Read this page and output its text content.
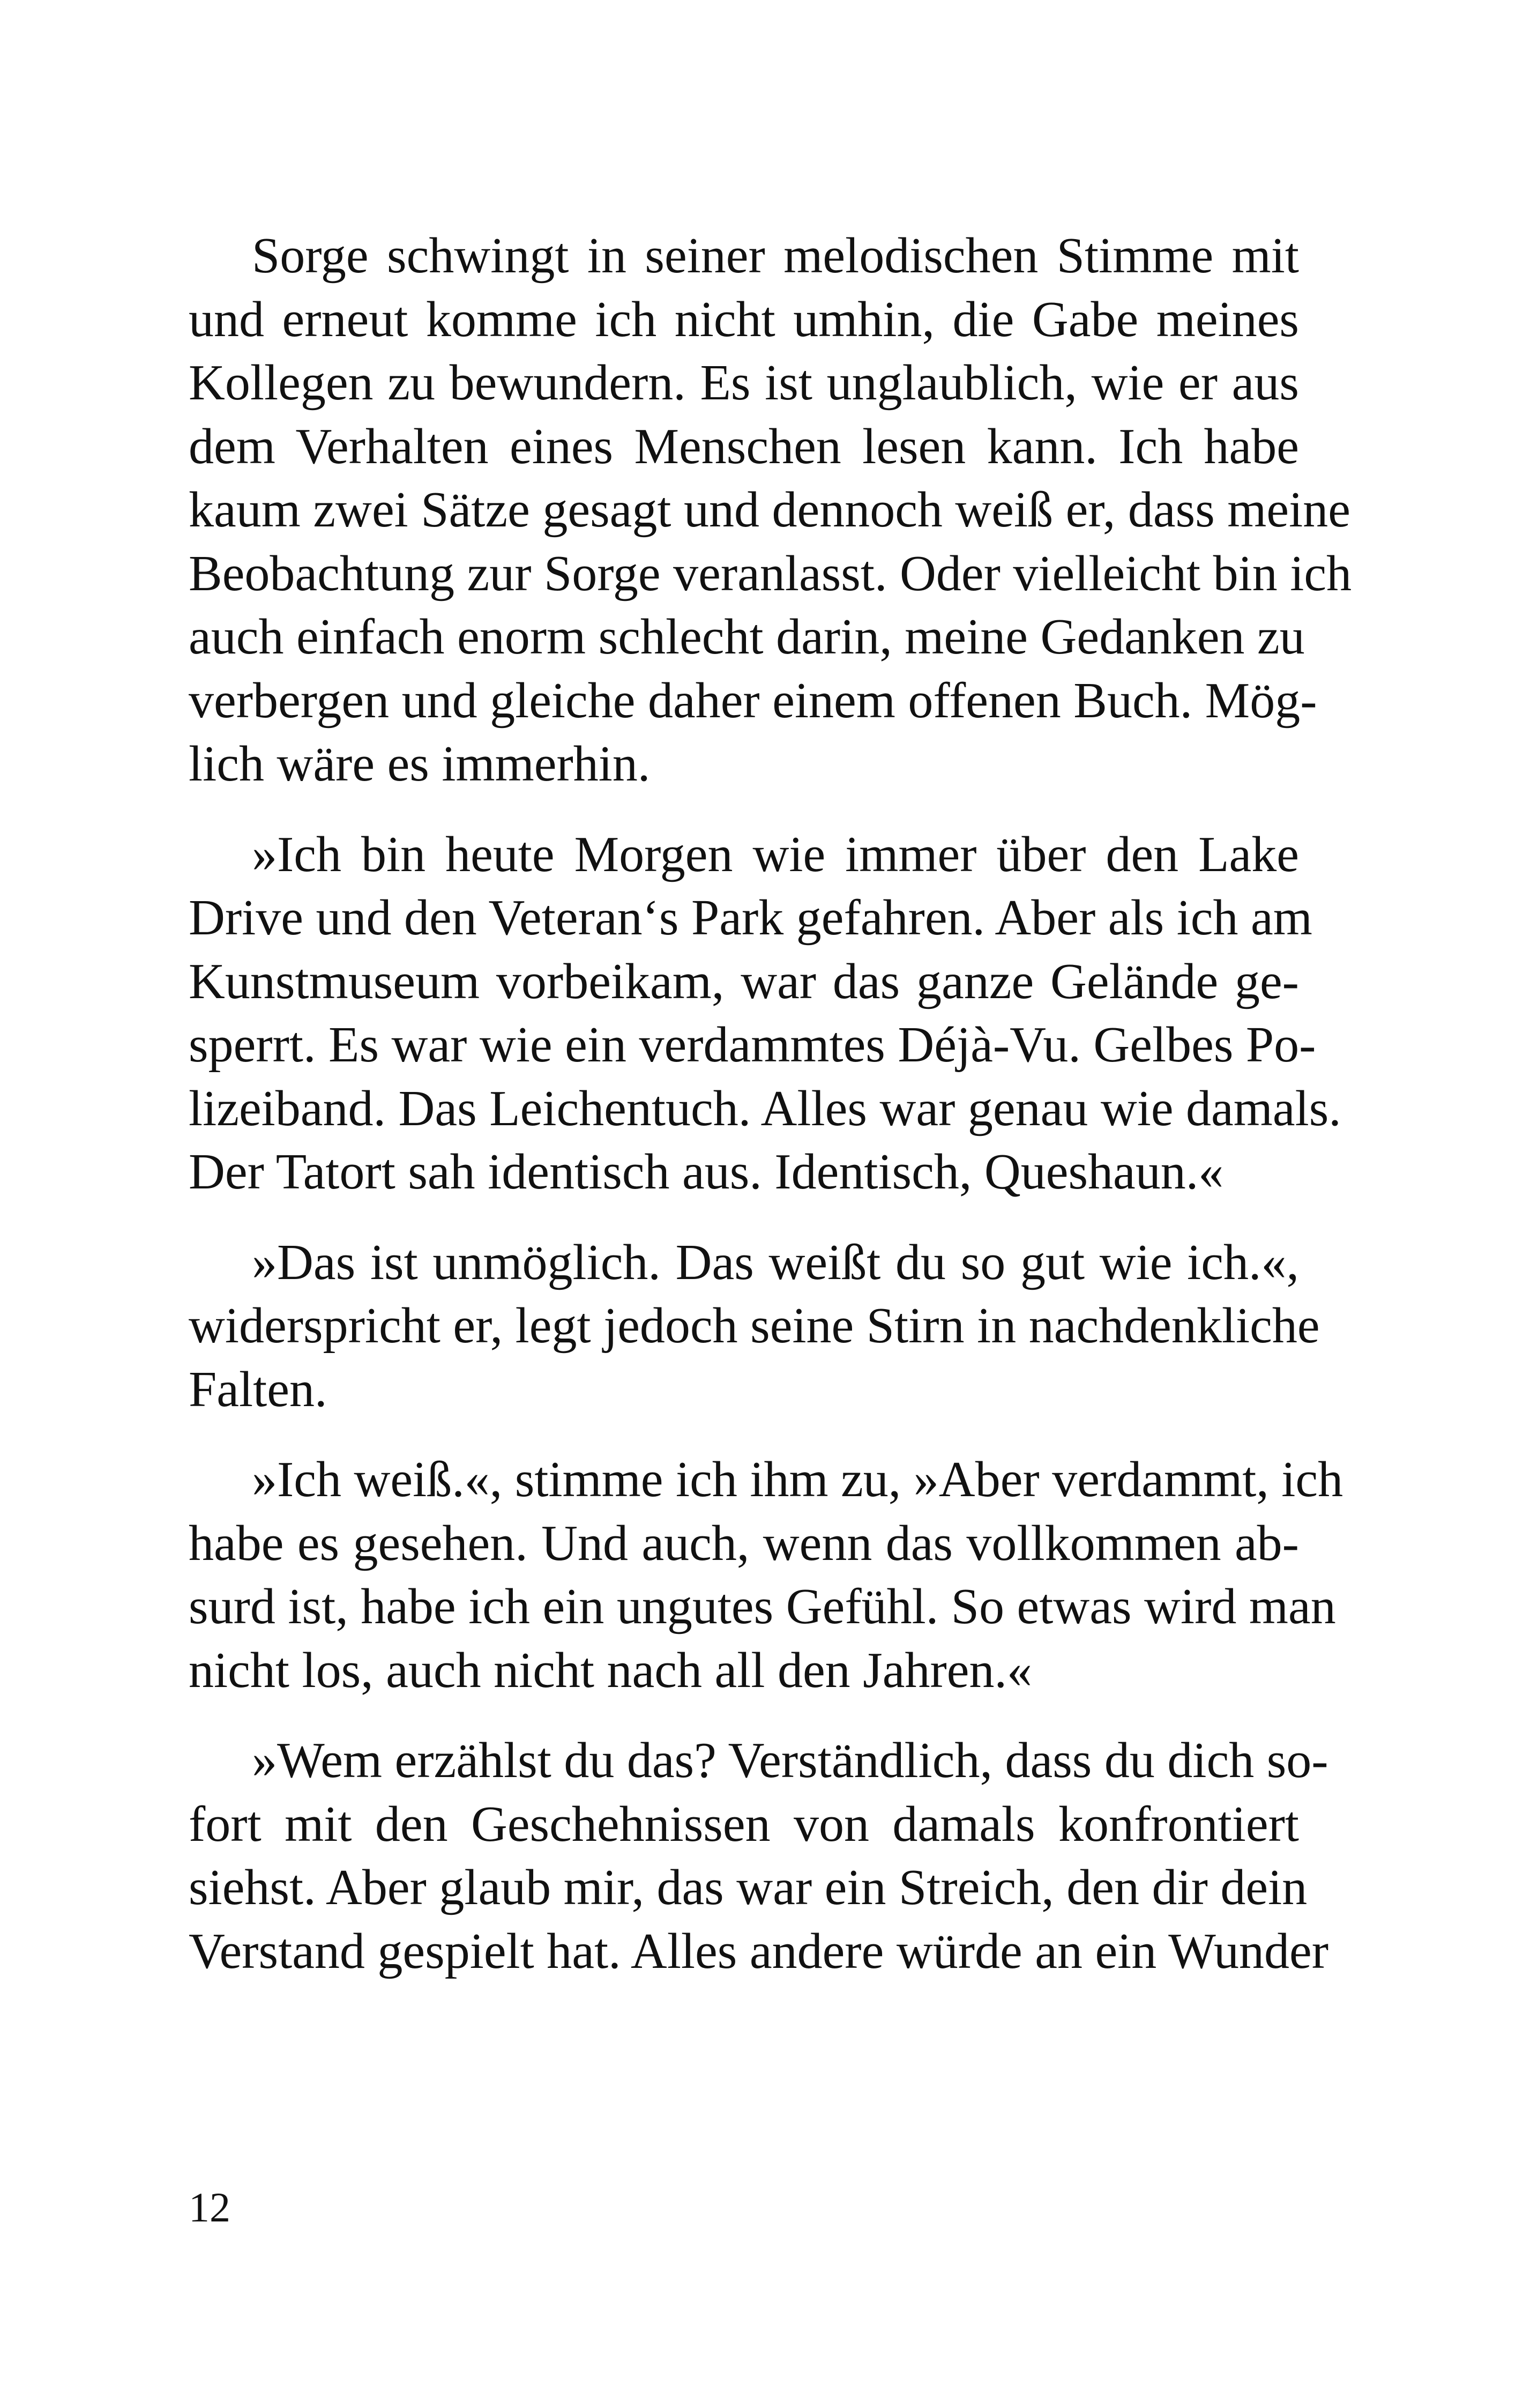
Sorge schwingt in seiner melodischen Stimme mit
und erneut komme ich nicht umhin, die Gabe meines
Kollegen zu bewundern. Es ist unglaublich, wie er aus
dem Verhalten eines Menschen lesen kann. Ich habe
kaum zwei Sätze gesagt und dennoch weiß er, dass meine
Beobachtung zur Sorge veranlasst. Oder vielleicht bin ich
auch einfach enorm schlecht darin, meine Gedanken zu
verbergen und gleiche daher einem offenen Buch. Mög-
lich wäre es immerhin.
»Ich bin heute Morgen wie immer über den Lake
Drive und den Veteran‘s Park gefahren. Aber als ich am
Kunstmuseum vorbeikam, war das ganze Gelände ge-
sperrt. Es war wie ein verdammtes Déjà-Vu. Gelbes Po-
lizeiband. Das Leichentuch. Alles war genau wie damals.
Der Tatort sah identisch aus. Identisch, Queshaun.«
»Das ist unmöglich. Das weißt du so gut wie ich.«,
widerspricht er, legt jedoch seine Stirn in nachdenkliche
Falten.
»Ich weiß.«, stimme ich ihm zu, »Aber verdammt, ich
habe es gesehen. Und auch, wenn das vollkommen ab-
surd ist, habe ich ein ungutes Gefühl. So etwas wird man
nicht los, auch nicht nach all den Jahren.«
»Wem erzählst du das? Verständlich, dass du dich so-
fort mit den Geschehnissen von damals konfrontiert
siehst. Aber glaub mir, das war ein Streich, den dir dein
Verstand gespielt hat. Alles andere würde an ein Wunder
12
